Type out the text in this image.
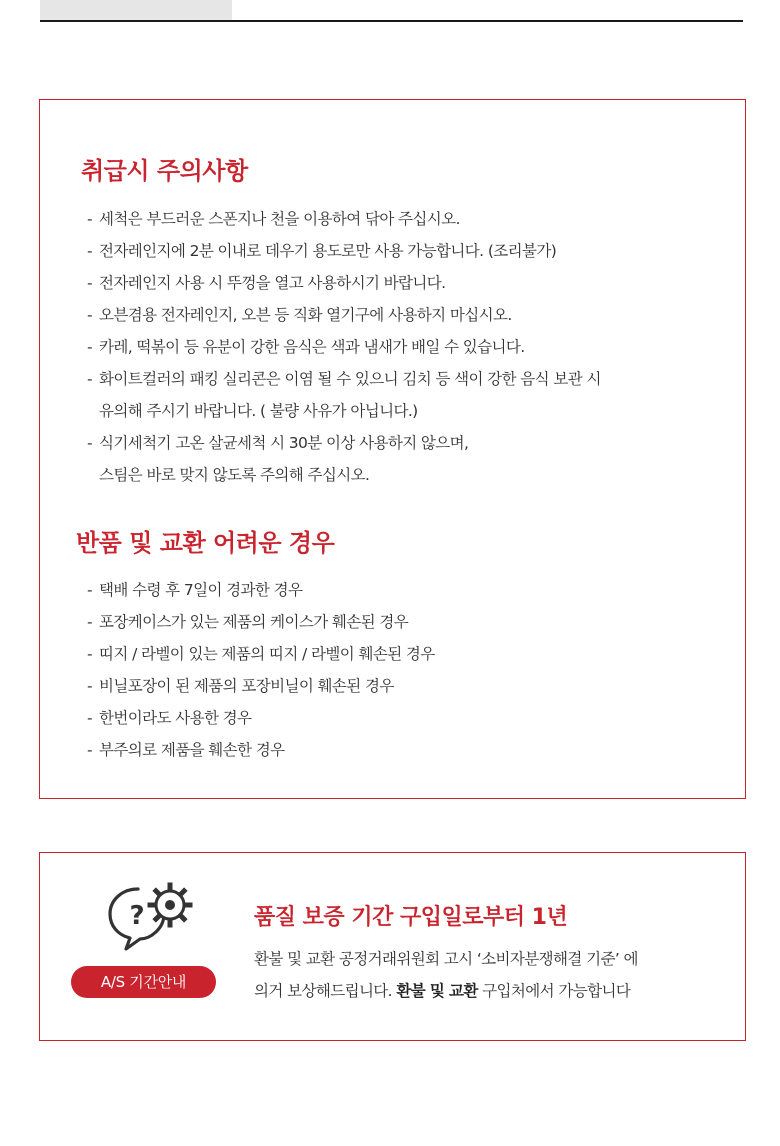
취급시 주의사항
- 세척은 부드러운 스폰지나 천을 이용하여 닦아 주십시오.
- 전자레인지에 2분 이내로 데우기 용도로만 사용 가능합니다. (조리불가)
- 전자레인지 사용 시 뚜껑을 열고 사용하시기 바랍니다.
- 오븐겸용 전자레인지, 오븐 등 직화 열기구에 사용하지 마십시오.
- 카레, 떡볶이 등 유분이 강한 음식은 색과 냄새가 배일 수 있습니다.
- 화이트컬러의 패킹 실리콘은 이염 될 수 있으니 김치 등 색이 강한 음식 보관 시
유의해 주시기 바랍니다. ( 불량 사유가 아닙니다.)
- 식기세척기 고온 살균세척 시 30분 이상 사용하지 않으며,
스팀은 바로 맞지 않도록 주의해 주십시오.
반품 및 교환 어려운 경우
- 택배 수령 후 7일이 경과한 경우
- 포장케이스가 있는 제품의 케이스가 훼손된 경우
- 띠지 / 라벨이 있는 제품의 띠지 / 라벨이 훼손된 경우
- 비닐포장이 된 제품의 포장비닐이 훼손된 경우
- 한번이라도 사용한 경우
- 부주의로 제품을 훼손한 경우
?
A/S 기간안내
품질 보증 기간 구입일로부터 1년
환불 및 교환 공정거래위원회 고시 ‘소비자분쟁해결 기준’ 에
의거 보상해드립니다. 환불 및 교환 구입처에서 가능합니다
